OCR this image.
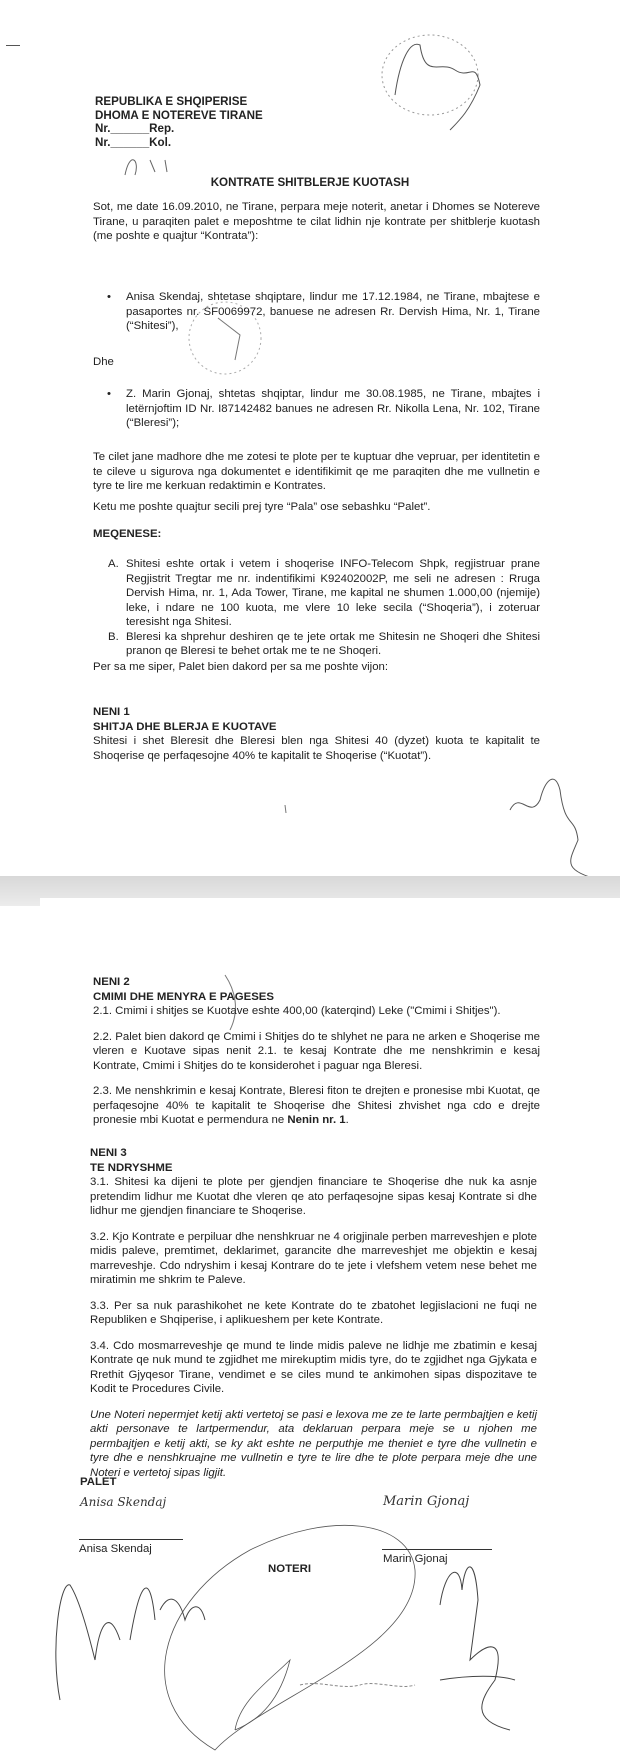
REPUBLIKA E SHQIPERISE
DHOMA E NOTEREVE TIRANE
Nr.______Rep.
Nr.______Kol.
KONTRATE SHITBLERJE KUOTASH
Sot, me date 16.09.2010, ne Tirane, perpara meje noterit, anetar i Dhomes se Notereve Tirane, u paraqiten palet e meposhtme te cilat lidhin nje kontrate per shitblerje kuotash (me poshte e quajtur “Kontrata”):
• Anisa Skendaj, shtetase shqiptare, lindur me 17.12.1984, ne Tirane, mbajtese e pasaportes nr. SF0069972, banuese ne adresen Rr. Dervish Hima, Nr. 1, Tirane (“Shitesi”),
Dhe
• Z. Marin Gjonaj, shtetas shqiptar, lindur me 30.08.1985, ne Tirane, mbajtes i letërnjoftim ID Nr. I87142482 banues ne adresen Rr. Nikolla Lena, Nr. 102, Tirane (“Bleresi”);
Te cilet jane madhore dhe me zotesi te plote per te kuptuar dhe vepruar, per identitetin e te cileve u sigurova nga dokumentet e identifikimit qe me paraqiten dhe me vullnetin e tyre te lire me kerkuan redaktimin e Kontrates.
Ketu me poshte quajtur secili prej tyre “Pala” ose sebashku “Palet”.
MEQENESE:
A. Shitesi eshte ortak i vetem i shoqerise INFO-Telecom Shpk, regjistruar prane Regjistrit Tregtar me nr. indentifikimi K92402002P, me seli ne adresen : Rruga Dervish Hima, nr. 1, Ada Tower, Tirane, me kapital ne shumen 1.000,00 (njemije) leke, i ndare ne 100 kuota, me vlere 10 leke secila (“Shoqeria”), i zoteruar teresisht nga Shitesi.
B. Bleresi ka shprehur deshiren qe te jete ortak me Shitesin ne Shoqeri dhe Shitesi pranon qe Bleresi te behet ortak me te ne Shoqeri.
Per sa me siper, Palet bien dakord per sa me poshte vijon:
NENI 1
SHITJA DHE BLERJA E KUOTAVE
Shitesi i shet Bleresit dhe Bleresi blen nga Shitesi 40 (dyzet) kuota te kapitalit te Shoqerise qe perfaqesojne 40% te kapitalit te Shoqerise (“Kuotat”).
NENI 2
CMIMI DHE MENYRA E PAGESES
2.1. Cmimi i shitjes se Kuotave eshte 400,00 (katerqind) Leke ("Cmimi i Shitjes").
2.2. Palet bien dakord qe Cmimi i Shitjes do te shlyhet ne para ne arken e Shoqerise me vleren e Kuotave sipas nenit 2.1. te kesaj Kontrate dhe me nenshkrimin e kesaj Kontrate, Cmimi i Shitjes do te konsiderohet i paguar nga Bleresi.
2.3. Me nenshkrimin e kesaj Kontrate, Bleresi fiton te drejten e pronesise mbi Kuotat, qe perfaqesojne 40% te kapitalit te Shoqerise dhe Shitesi zhvishet nga cdo e drejte pronesie mbi Kuotat e permendura ne Nenin nr. 1.
NENI 3
TE NDRYSHME
3.1. Shitesi ka dijeni te plote per gjendjen financiare te Shoqerise dhe nuk ka asnje pretendim lidhur me Kuotat dhe vleren qe ato perfaqesojne sipas kesaj Kontrate si dhe lidhur me gjendjen financiare te Shoqerise.
3.2. Kjo Kontrate e perpiluar dhe nenshkruar ne 4 origjinale perben marreveshjen e plote midis paleve, premtimet, deklarimet, garancite dhe marreveshjet me objektin e kesaj marreveshje. Cdo ndryshim i kesaj Kontrare do te jete i vlefshem vetem nese behet me miratimin me shkrim te Paleve.
3.3. Per sa nuk parashikohet ne kete Kontrate do te zbatohet legjislacioni ne fuqi ne Republiken e Shqiperise, i aplikueshem per kete Kontrate.
3.4. Cdo mosmarreveshje qe mund te linde midis paleve ne lidhje me zbatimin e kesaj Kontrate qe nuk mund te zgjidhet me mirekuptim midis tyre, do te zgjidhet nga Gjykata e Rrethit Gjyqesor Tirane, vendimet e se ciles mund te ankimohen sipas dispozitave te Kodit te Procedures Civile.
Une Noteri nepermjet ketij akti vertetoj se pasi e lexova me ze te larte permbajtjen e ketij akti personave te lartpermendur, ata deklaruan perpara meje se u njohen me permbajtjen e ketij akti, se ky akt eshte ne perputhje me theniet e tyre dhe vullnetin e tyre dhe e nenshkruajne me vullnetin e tyre te lire dhe te plote perpara meje dhe une Noteri e vertetoj sipas ligjit.
PALET
Anisa Skendaj
Anisa Skendaj
Marin Gjonaj
Marin Gjonaj
NOTERI
